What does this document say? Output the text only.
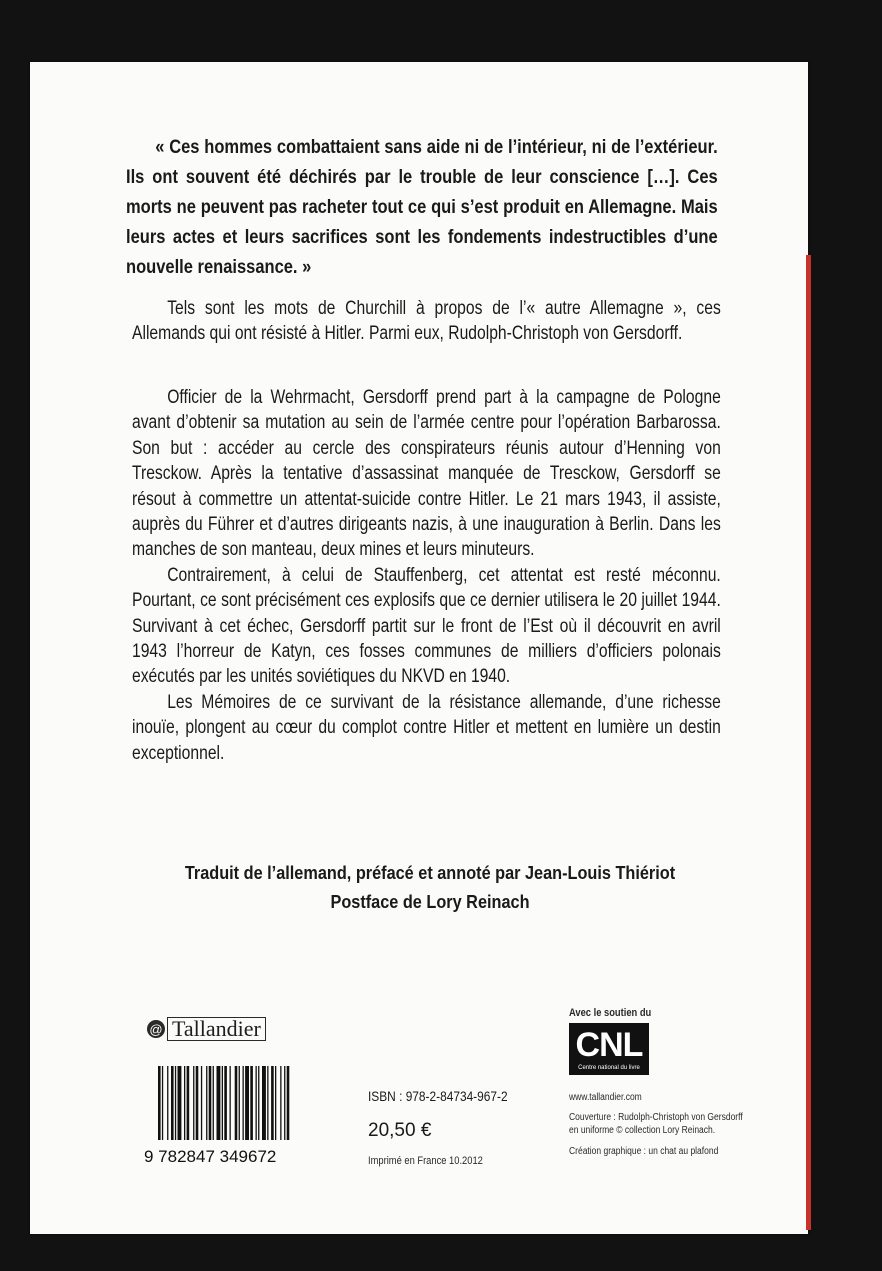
« Ces hommes combattaient sans aide ni de l’intérieur, ni de l’extérieur. Ils ont souvent été déchirés par le trouble de leur conscience […]. Ces morts ne peuvent pas racheter tout ce qui s’est produit en Allemagne. Mais leurs actes et leurs sacrifices sont les fondements indestructibles d’une nouvelle renaissance. »

Tels sont les mots de Churchill à propos de l’« autre Allemagne », ces Allemands qui ont résisté à Hitler. Parmi eux, Rudolph-Christoph von Gersdorff.

Officier de la Wehrmacht, Gersdorff prend part à la campagne de Pologne avant d’obtenir sa mutation au sein de l’armée centre pour l’opération Barbarossa. Son but : accéder au cercle des conspirateurs réunis autour d’Henning von Tresckow. Après la tentative d’assassinat manquée de Tresckow, Gersdorff se résout à commettre un attentat-suicide contre Hitler. Le 21 mars 1943, il assiste, auprès du Führer et d’autres dirigeants nazis, à une inauguration à Berlin. Dans les manches de son manteau, deux mines et leurs minuteurs.

Contrairement, à celui de Stauffenberg, cet attentat est resté méconnu. Pourtant, ce sont précisément ces explosifs que ce dernier utilisera le 20 juillet 1944. Survivant à cet échec, Gersdorff partit sur le front de l’Est où il découvrit en avril 1943 l’horreur de Katyn, ces fosses communes de milliers d’officiers polonais exécutés par les unités soviétiques du NKVD en 1940.

Les Mémoires de ce survivant de la résistance allemande, d’une richesse inouïe, plongent au cœur du complot contre Hitler et mettent en lumière un destin exceptionnel.

Traduit de l’allemand, préfacé et annoté par Jean-Louis Thiériot
Postface de Lory Reinach
@ Tallandier
9 782847 349672
ISBN : 978-2-84734-967-2
20,50 €
Imprimé en France 10.2012
Avec le soutien du
CNL
Centre national du livre
www.tallandier.com
Couverture : Rudolph-Christoph von Gersdorff
en uniforme © collection Lory Reinach.
Création graphique : un chat au plafond
